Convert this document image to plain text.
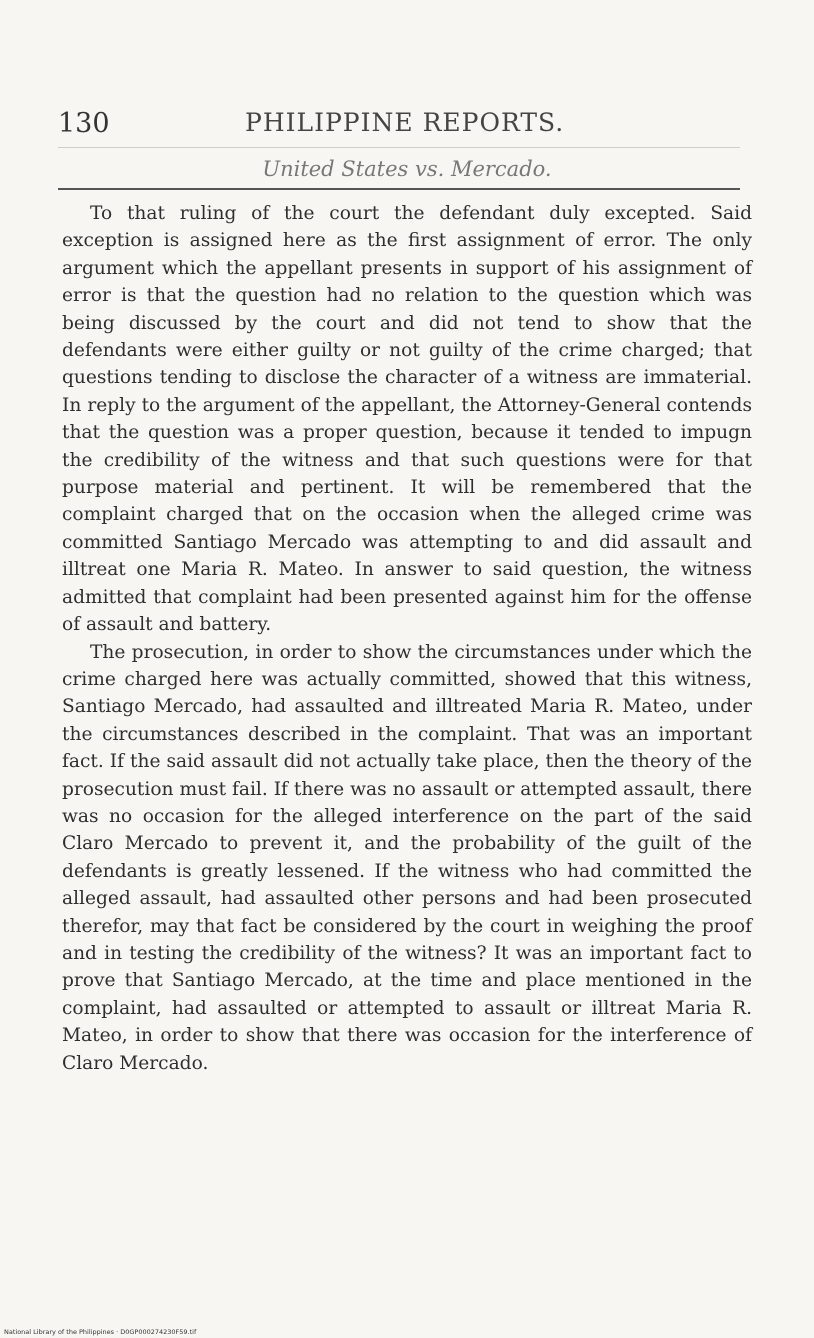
130	PHILIPPINE REPORTS.
United States vs. Mercado.

To that ruling of the court the defendant duly excepted. Said exception is assigned here as the first assignment of error. The only argument which the appellant presents in support of his assignment of error is that the question had no relation to the question which was being discussed by the court and did not tend to show that the defendants were either guilty or not guilty of the crime charged; that questions tending to disclose the character of a witness are immaterial. In reply to the argument of the appellant, the Attorney-General contends that the question was a proper question, because it tended to impugn the credibility of the witness and that such questions were for that purpose material and pertinent. It will be remembered that the complaint charged that on the occasion when the alleged crime was committed Santiago Mercado was attempting to and did assault and illtreat one Maria R. Mateo. In answer to said question, the witness admitted that complaint had been presented against him for the offense of assault and battery.

The prosecution, in order to show the circumstances under which the crime charged here was actually committed, showed that this witness, Santiago Mercado, had assaulted and illtreated Maria R. Mateo, under the circumstances described in the complaint. That was an important fact. If the said assault did not actually take place, then the theory of the prosecution must fail. If there was no assault or attempted assault, there was no occasion for the alleged interference on the part of the said Claro Mercado to prevent it, and the probability of the guilt of the defendants is greatly lessened. If the witness who had committed the alleged assault, had assaulted other persons and had been prosecuted therefor, may that fact be considered by the court in weighing the proof and in testing the credibility of the witness? It was an important fact to prove that Santiago Mercado, at the time and place mentioned in the complaint, had assaulted or attempted to assault or illtreat Maria R. Mateo, in order to show that there was occasion for the interference of Claro Mercado.

National Library of the Philippines · D0GP000274230F59.tif
